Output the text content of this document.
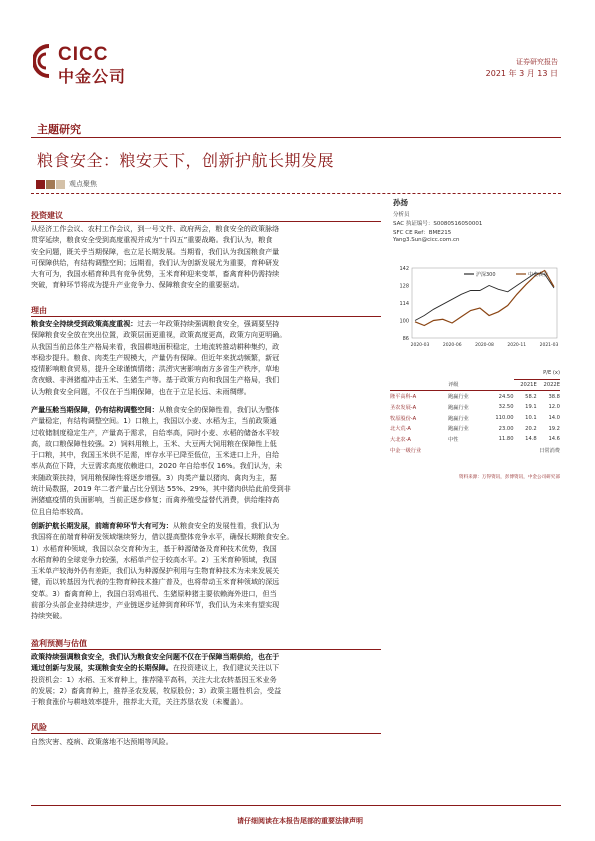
CICC
中金公司
证券研究报告
2021 年 3 月 13 日
主题研究
粮食安全：粮安天下，创新护航长期发展
观点聚焦
投资建议
从经济工作会议、农村工作会议，到一号文件、政府两会，粮食安全的政策脉络
贯穿延续，粮食安全受到高度重视并成为“十四五”重要战略。我们认为，粮食
安全问题，既关乎当期保障，也立足长期发展。当期看，我们认为我国粮食产量
可保障供给，有结构调整空间；远期看，我们认为创新发展尤为重要，育种研发
大有可为，我国水稻育种具有竞争优势，玉米育种迎来变革，畜禽育种仍需持续
突破，育种环节将成为提升产业竞争力、保障粮食安全的重要驱动。
理由
粮食安全持续受到政策高度重视：过去一年政策持续强调粮食安全，强调要坚持
保障粮食安全放在突出位置，政策层面更重视，政策高度更高，政策方向更明确。
从我国当前总体生产格局来看，我国耕地面积稳定，土地流转推动耕种集约，政
率稳步提升。粮食、肉类生产规模大，产量仍有保障。但近年来扰动频繁，新冠
疫情影响粮食贸易，提升全球谨慎情绪；洪涝灾害影响南方多省生产秩序，草地
贪夜蛾、非洲猪瘟冲击玉米、生猪生产等。基于政策方向和我国生产格局，我们
认为粮食安全问题，不仅在于当期保障，也在于立足长远、未雨绸缪。
产量压舱当期保障，仍有结构调整空间：从粮食安全的保障性看，我们认为整体
产量稳定，有结构调整空间。1）口粮上，我国以小麦、水稻为主，当前政策通
过收储制度稳定生产，产量高于需求，自给率高，同时小麦、水稻的储备水平较
高，故口粮保障性较强。2）饲料用粮上，玉米、大豆两大饲用粮在保障性上低
于口粮，其中，我国玉米供不足需，库存水平已降至低位，玉米进口上升，自给
率从高位下降，大豆需求高度依赖进口，2020 年自给率仅 16%。我们认为，未
来随政策扶持，饲用粮保障性将逐步增强。3）肉类产量以猪肉、禽肉为主，据
统计局数据，2019 年二者产量占比分别达 55%、29%，其中猪肉供给此前受到非
洲猪瘟疫情的负面影响，当前正逐步修复；而禽养殖受益替代消费，供给维持高
位且自给率较高。
创新护航长期发展，前端育种环节大有可为：从粮食安全的发展性看，我们认为
我国将在前端育种研发领域继续努力，借以提高整体竞争水平，确保长期粮食安全。
1）水稻育种领域，我国以杂交育种为主，基于种源储备及育种技术优势，我国
水稻育种的全球竞争力较强，水稻单产位于较高水平。2）玉米育种领域，我国
玉米单产较海外仍有差距，我们认为种源保护利用与生物育种技术为未来发展关
键，而以转基因为代表的生物育种技术推广普及，也将带动玉米育种领域的深远
变革。3）畜禽育种上，我国白羽鸡祖代、生猪原种猪主要依赖海外进口，但当
前部分头部企业持续进步，产业链逐步延伸到育种环节，我们认为未来有望实现
持续突破。
盈利预测与估值
政策持续强调粮食安全，我们认为粮食安全问题不仅在于保障当期供给，也在于
通过创新与发展，实现粮食安全的长期保障。在投资建议上，我们建议关注以下
投资机会：1）水稻、玉米育种上，推荐隆平高科，关注大北农转基因玉米业务
的发展；2）畜禽育种上，推荐圣农发展，牧原股份；3）政策主题性机会，受益
于粮食涨价与耕地效率提升，推荐北大荒，关注苏垦农发（未覆盖）。
风险
自然灾害、疫病、政策落地不达预期等风险。
孙扬
分析员
SAC 执证编号：S0080516050001
SFC CE Ref：BME215
Yang3.Sun@cicc.com.cn
86
100
114
128
142
2020-03	2020-06	2020-08	2020-11	2021-03
沪深300	中金农业
				P/E (x)
	评级		2021E	2022E
隆平高科-A	跑赢行业	24.50	58.2	38.8
圣农发展-A	跑赢行业	32.50	19.1	12.0
牧原股份-A	跑赢行业	110.00	10.1	14.0
北大荒-A	跑赢行业	23.00	20.2	19.2
大北农-A	中性	11.80	14.8	14.6
中金一级行业				日常消费
资料来源：万得资讯，彭博资讯，中金公司研究部
请仔细阅读在本报告尾部的重要法律声明
